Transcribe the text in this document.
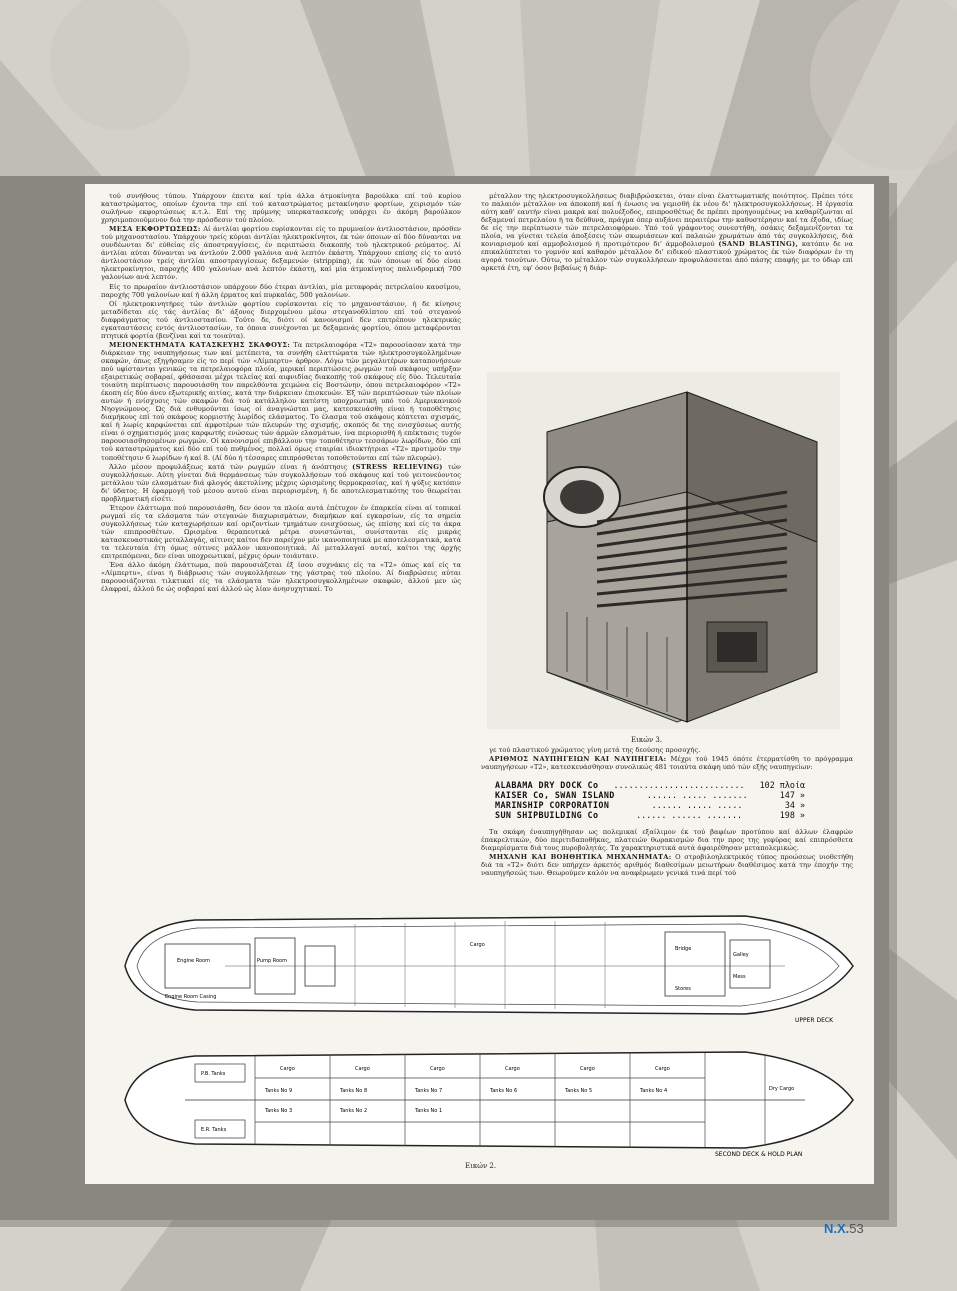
τού συνήθους τύπου. Υπάρχουν έπειτα καί τρία άλλα άτμοκίνητα βαρούλκα επί τού κυρίου καταστρώματος, οποίων έχοντα την επί τού καταστρώματος μετακίνησιν φορτίων, χειρισμόν τών σωλήνων εκφορτώσεως κ.τ.λ. Επί της πρύμνης υπερκατασκευής υπάρχει έν άκόμη βαρούλκον χρησιμοποιούμενον διά την πρόσδεσιν τού πλοίου.

ΜΕΣΑ ΕΚΦΟΡΤΩΣΕΩΣ: Αί άντλίαι φορτίου ευρίσκονται είς το πρυμναίον άντλιοστάσιον, πρόσθεν τού μηχανοστασίου. Υπάρχουν τρείς κύριαι άντλίαι ηλεκτροκίνητοι, έκ τών όποιων αί δύο δύνανται να συνδέωνται δι' εύθείας είς άποστραγγίσεις, έν περιπτώσει διακοπής τού ηλεκτρικού ρεύματος. Αί άντλίαι αύται δύνανται να άντλούν 2.000 γαλόνια ανά λεπτόν έκάστη. Υπάρχουν επίσης είς το αυτό άντλιοστάσιον τρείς άντλίαι αποστραγγίσεως δεξαμενών (stripping), έκ τών όποιων αί δύο είναι ηλεκτροκίνητοι, παροχής 400 γαλονίων ανά λεπτόν έκάστη, καί μία άτμοκίνητος παλινδρομική 700 γαλονίων ανά λεπτόν.

Είς το πρωραίον άντλιοστάσιον υπάρχουν δύο έτεραι άντλίαι, μία μεταφοράς πετρελαίου καυσίμου, παροχής 700 γαλονίων καί ή άλλη έρματος καί πυρκαϊάς, 500 γαλονίων.

Οί ηλεκτροκινητήρες τών άντλιών φορτίου ευρίσκονται είς το μηχανοστάσιον, ή δε κίνησις μεταδίδεται είς τάς άντλίας δι' άξονος διερχομένου μέσω στεγανοθλίπτου επί τού στεγανού διαφράγματος τού άντλιοστασίου. Τούτο δε, διότι οί κανονισμοί δεν επιτρέπουν ηλεκτρικάς εγκαταστάσεις εντός άντλιοστασίων, τα όποια συνέχονται με δεξαμενάς φορτίου, όπου μεταφέρονται πτητικά φορτία (βενζίναι καί τα τοιαύτα).

ΜΕΙΟΝΕΚΤΗΜΑΤΑ ΚΑΤΑΣΚΕΥΗΣ ΣΚΑΦΟΥΣ: Τα πετρελαιοφόρα «Τ2» παρουσίασαν κατά την διάρκειαν της ναυπηγήσεως των καί μετέπειτα, τα συνήθη ελαττώματα τών ηλεκτροσυγκολλημένων σκαφών, όπως εξηγήσαμεν είς το περί τών «Λίμπερτυ» άρθρον. Λόγω τών μεγαλυτέρων καταπονήσεων πού υφίστανται γενικώς τα πετρελαιοφόρα πλοία, μερικαί περιπτώσεις ρωγμών τού σκάφους υπήρξαν εξαιρετικώς σοβαραί, φθάσασαι μέχρι τελείας καί αιφνιδίας διακοπής τού σκάφους είς δύο. Τελευταία τοιαύτη περίπτωσις παρουσιάσθη τον παρελθόντα χειμώνα είς Βοστώνην, όπου πετρελαιοφόρον «Τ2» έκοπη είς δύο άνευ εξωτερικής αιτίας, κατά την διάρκειαν έπισκευών. Έξ τών περιπτώσεων τών πλοίων αυτών ή ενίσχυσις τών σκαφών διά τού κατάλληλου κατέστη υποχρεωτική υπό τού Αμερικανικού Νηογνώμονος. Ώς διά ενθυμούνται ίσως οί άναγνώσται μας, κατεσκευάσθη είναι ή τοποθέτησις διαμήκους επί τού σκάφους κορμιστής λωρίδος ελάσματος. Το έλασμα τού σκάφους κόπτεται σχισμάς, καί ή λωρίς καρφώνεται επί άμφοτέρων τών πλευρών της σχισμής, σκοπός δε της ενισχύσεως αυτής είναι ό σχηματισμός μιας καρφωτής ενώσεως τών άρμών ελασμάτων, ίνα περιορισθή ή επέκτασις τυχόν παρουσιασθησομένων ρωγμών. Οί κανονισμοί επιβάλλουν την τοποθέτησιν τεσσάρων λωρίδων, δύο επί τού καταστρώματος καί δύο επί τού πυθμένος, πολλαί όμως εταιρίαι ιδιοκτήτριαι «Τ2» προτιμούν την τοποθέτησιν 6 λωρίδων ή καί 8. (Αί δύο ή τέσσαρες επιπρόσθεται τοποθετούνται επί τών πλευρών).

Άλλο μέσον προφυλάξεως κατά τών ρωγμών είναι ή άνόπτησις (STRESS RELIEVING) τών συγκολλήσεων. Αύτη γίνεται διά θερμάνσεως τών συγκολλήσεων τού σκάφους καί τού γειτονεύοντος μετάλλου τών ελασμάτων διά φλογός άκετυλίνης μέχρις ώρισμένης θερμοκρασίας, καί ή ψύξις κατόπιν δι' ύδατος. Η έφαρμογή τού μέσου αυτού είναι περιορισμένη, ή δε αποτελεσματικότης του θεωρείται προβληματική είσέτι.

Έτερον έλάττωμα πού παρουσιάσθη, δεν όσον τα πλοία αυτά έπέτυχον έν έπαρκεία είναι αί τοπικαί ρωγμαί είς τα ελάσματα τών στεγανών διαχωρισμάτων, διαμήκων καί εγκαρσίων, είς τα σημεία συγκολλήσεως τών καταχωρήσεων καί οριζοντίων τμημάτων ενισχύσεως, ώς επίσης καί είς τα άκρα τών επιπροσθέτων. Ωρισμένα θεραπευτικά μέτρα συνιστώνται, συνίστανται είς μικράς κατασκευαστικάς μεταλλαγάς, αίτινες καίτοι δεν παρείχον μέν ικανοποιητικά με αποτελεσματικά, κατά τα τελευταία έτη όμως ούτινες μάλλον ικανοποιητικά. Αί μεταλλαγαί αυταί, καίτοι της άρχής επιτρεπόμεναι, δεν είναι υποχρεωτικαί, μέχρις όρων τοιάυταιν.

Ένα άλλο άκόμη έλάττωμα, πού παρουσιάζεται έξ ίσου συχνάκις είς τα «Τ2» όπως καί είς τα «Λίμπερτυ», είναι ή διάβρωσις τών συγκολλήσεων της γάστρας τού πλοίου. Αί διαβρώσεις αύται παρουσιάζονται τιλκτικαί είς τα ελάσματα τών ηλεκτροσυγκολλημένων σκαφών, άλλού μεν ώς έλαφραί, άλλού δε ώς σοβαραί καί άλλού ώς λίαν άνησυχητικαί. Το

μέταλλον της ηλεκτροσυγκολλήσεως διαβιβρώσκεται, όταν είναι έλαττωματικής ποιότητος. Πρέπει τότε το παλαιόν μέταλλον να άποκοπή καί ή ένωσις να γεμισθή έκ νέου δι' ηλεκτροσυγκολλήσεως. Η έργασία αύτη καθ' εαυτήν είναι μακρά καί πολυέξοδος, επιπροσθέτως δε πρέπει προηγουμένως να καθαρίζωνται αί δεξαμεναί πετρελαίου ή τα δεύθυνα, πράγμα όπερ αυξάνει περαιτέρω την καθυστέρησιν καί τα έξοδα, ιδίως δε είς την περίπτωσιν τών πετρελαιοφόρων. Υπό τού γράφοντος συνεστήθη, όσάκις δεξαμενίζονται τα πλοία, να γίνεται τελεία άποξέσεις τών σκωριάσεων καί παλαιών χρωμάτων άπό τάς συγκολλήσεις, διά κονιαρισμού καί αμμοβολισμού ή προτιμότερον δι' άμμοβολισμού (SAND BLASTING), κατόπιν δε να επικαλύπτεται το γυμνόν καί καθαρόν μέταλλον δι' ειδικού πλαστικού χρώματος έκ τών διαφόρων έν τη αγορά τοιούτων. Ούτω, το μέταλλον τών συγκολλήσεων προφυλάσσεται άπό πάσης επαφής με το ύδωρ επί αρκετά έτη, εφ' όσον βεβαίως ή διάρ-

Εικών 3.

γε τού πλαστικού χρώματος γίνη μετά της δεούσης προσοχής.

ΑΡΙΘΜΟΣ ΝΑΥΠΗΓΕΙΩΝ ΚΑΙ ΝΑΥΠΗΓΕΙΑ: Μέχρι τού 1945 όπότε έτερματίσθη το πρόγραμμα ναυπηγήσεων «Τ2», κατεσκευάσθησαν συνολικώς 481 τοιαύτα σκάφη υπό τών εξής ναυπηγείων:

ALABAMA DRY DOCK Co .......................... 102 πλοία
KAISER Co, SWAN ISLAND	...... ..... .......	147 »
MARINSHIP CORPORATION	...... ..... .....	34 »
SUN SHIPBUILDING Co	...... ...... .......	198 »

Τα σκάφη έναυπηγήθησαν ως πολεμικαί εξαίλιμον έκ τού βαφέων προτύπου καί άλλων έλαφρών έπακρελτικών, δύο περιτιδαποθήκας, πλατειών θωρακισμών δια την προς της γεφύρας καί επιπρόσθετα διαμερίσματα διά τους πυροβολητάς. Τα χαρακτηριστικά αυτά άφαιρέθησαν μεταπολεμικώς.

ΜΗΧΑΝΗ ΚΑΙ ΒΟΗΘΗΤΙΚΑ ΜΗΧΑΝΗΜΑΤΑ: Ο στροβιλοηλεκτρικός τύπος προώσεως υιοθετήθη διά τα «Τ2» διότι δεν υπήρχεν άρκετός αριθμός διαθεσίμων μειωτήρων διαθέσιμος κατά την έποχήν της ναυπηγήσεώς των. Θεωρούμεν καλόν να αναφέρωμεν γενικά τινά περί τού

Engine Room	Pump Room
Bridge
Stores
Galley
Mess
Engine Room Casing
Cargo
UPPER DECK
P.B. Tanks
Cargo	Cargo	Cargo	Cargo	Cargo	Cargo
Dry Cargo
Tanks No 9	Tanks No 8	Tanks No 7	Tanks No 6	Tanks No 5	Tanks No 4
Tanks No 3	Tanks No 2	Tanks No 1
E.R. Tanks
SECOND DECK & HOLD PLAN
Εικών 2.
N.X.53
